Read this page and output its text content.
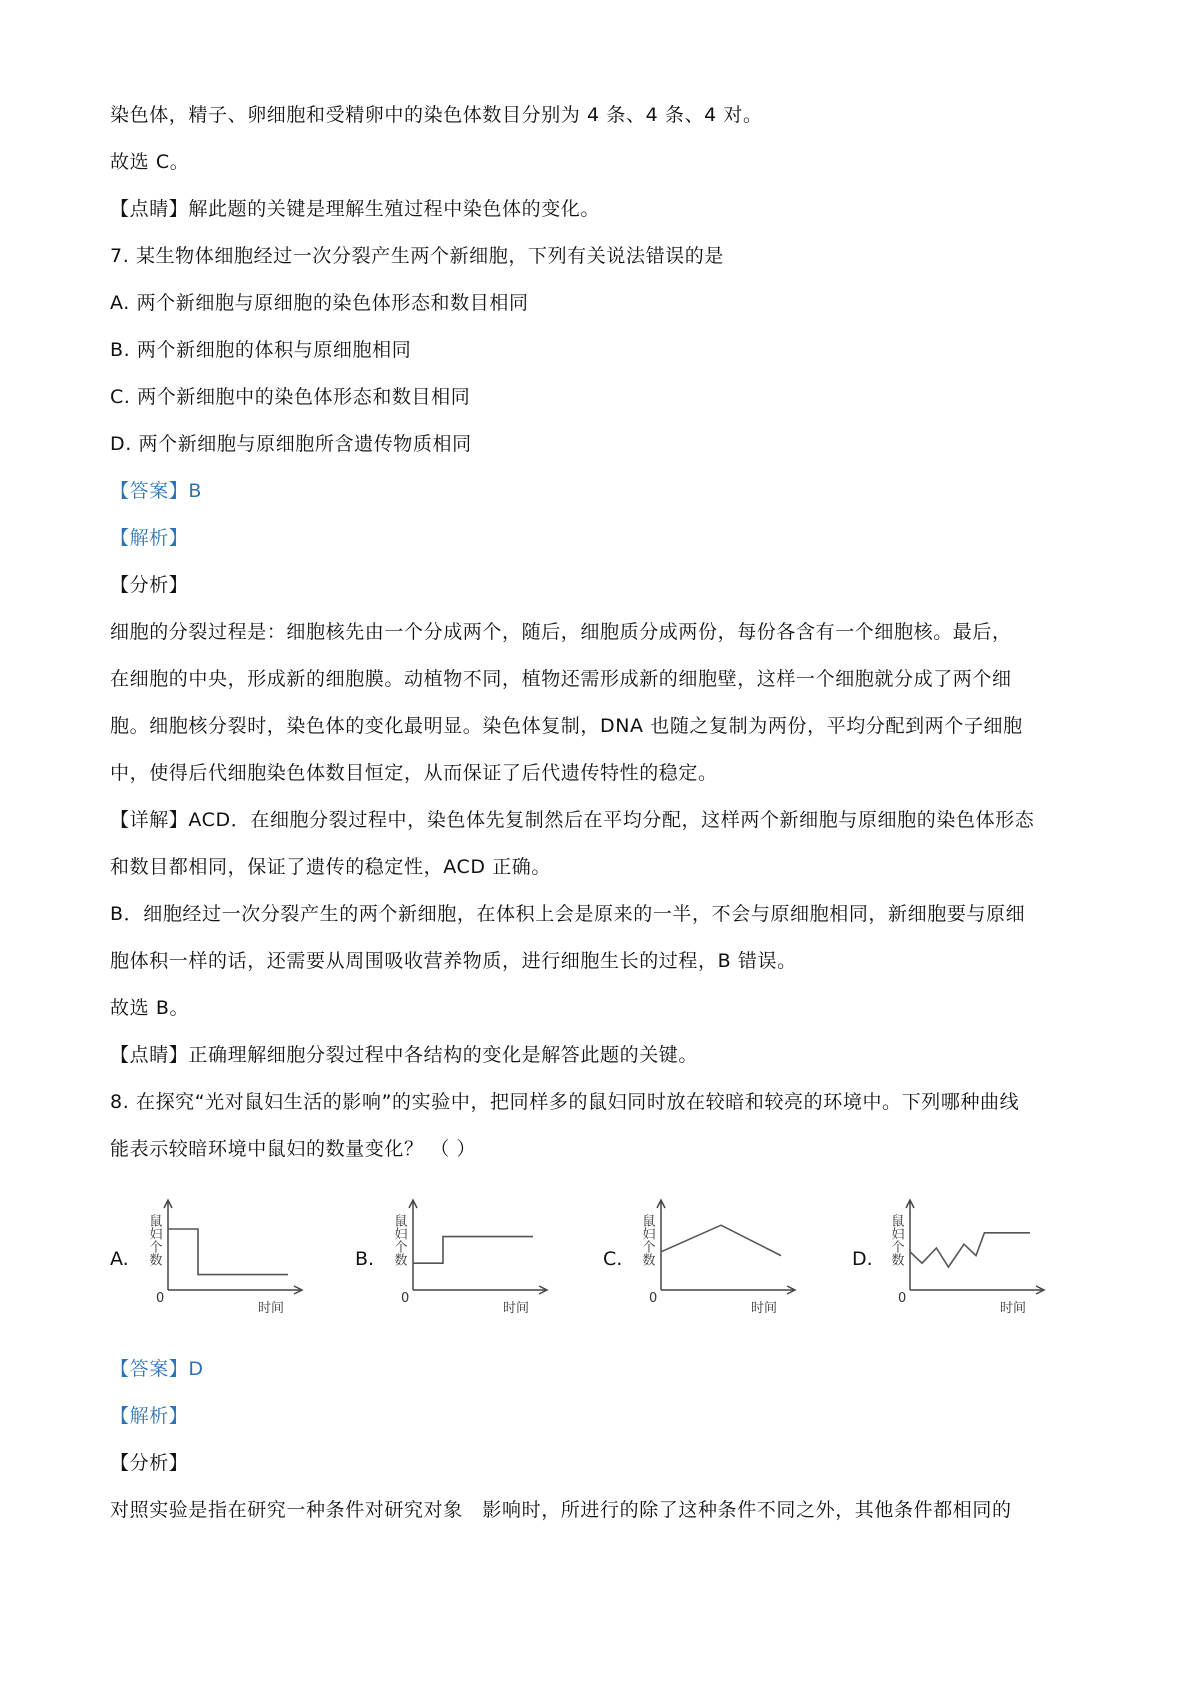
染色体，精子、卵细胞和受精卵中的染色体数目分别为 4 条、4 条、4 对。
故选 C。
【点睛】解此题的关键是理解生殖过程中染色体的变化。
7. 某生物体细胞经过一次分裂产生两个新细胞，下列有关说法错误的是
A. 两个新细胞与原细胞的染色体形态和数目相同
B. 两个新细胞的体积与原细胞相同
C. 两个新细胞中的染色体形态和数目相同
D. 两个新细胞与原细胞所含遗传物质相同
【答案】B
【解析】
【分析】
细胞的分裂过程是：细胞核先由一个分成两个，随后，细胞质分成两份，每份各含有一个细胞核。最后，
在细胞的中央，形成新的细胞膜。动植物不同，植物还需形成新的细胞壁，这样一个细胞就分成了两个细
胞。细胞核分裂时，染色体的变化最明显。染色体复制，DNA 也随之复制为两份，平均分配到两个子细胞
中，使得后代细胞染色体数目恒定，从而保证了后代遗传特性的稳定。
【详解】ACD．在细胞分裂过程中，染色体先复制然后在平均分配，这样两个新细胞与原细胞的染色体形态
和数目都相同，保证了遗传的稳定性，ACD 正确。
B．细胞经过一次分裂产生的两个新细胞，在体积上会是原来的一半，不会与原细胞相同，新细胞要与原细
胞体积一样的话，还需要从周围吸收营养物质，进行细胞生长的过程，B 错误。
故选 B。
【点睛】正确理解细胞分裂过程中各结构的变化是解答此题的关键。
8. 在探究“光对鼠妇生活的影响”的实验中，把同样多的鼠妇同时放在较暗和较亮的环境中。下列哪种曲线
能表示较暗环境中鼠妇的数量变化？ （ ）
A. 鼠妇个数
时间
0
B. 鼠妇个数
时间
0
C. 鼠妇个数
时间
0
D. 鼠妇个数
时间
0
【答案】D
【解析】
【分析】
对照实验是指在研究一种条件对研究对象　影响时，所进行的除了这种条件不同之外，其他条件都相同的
